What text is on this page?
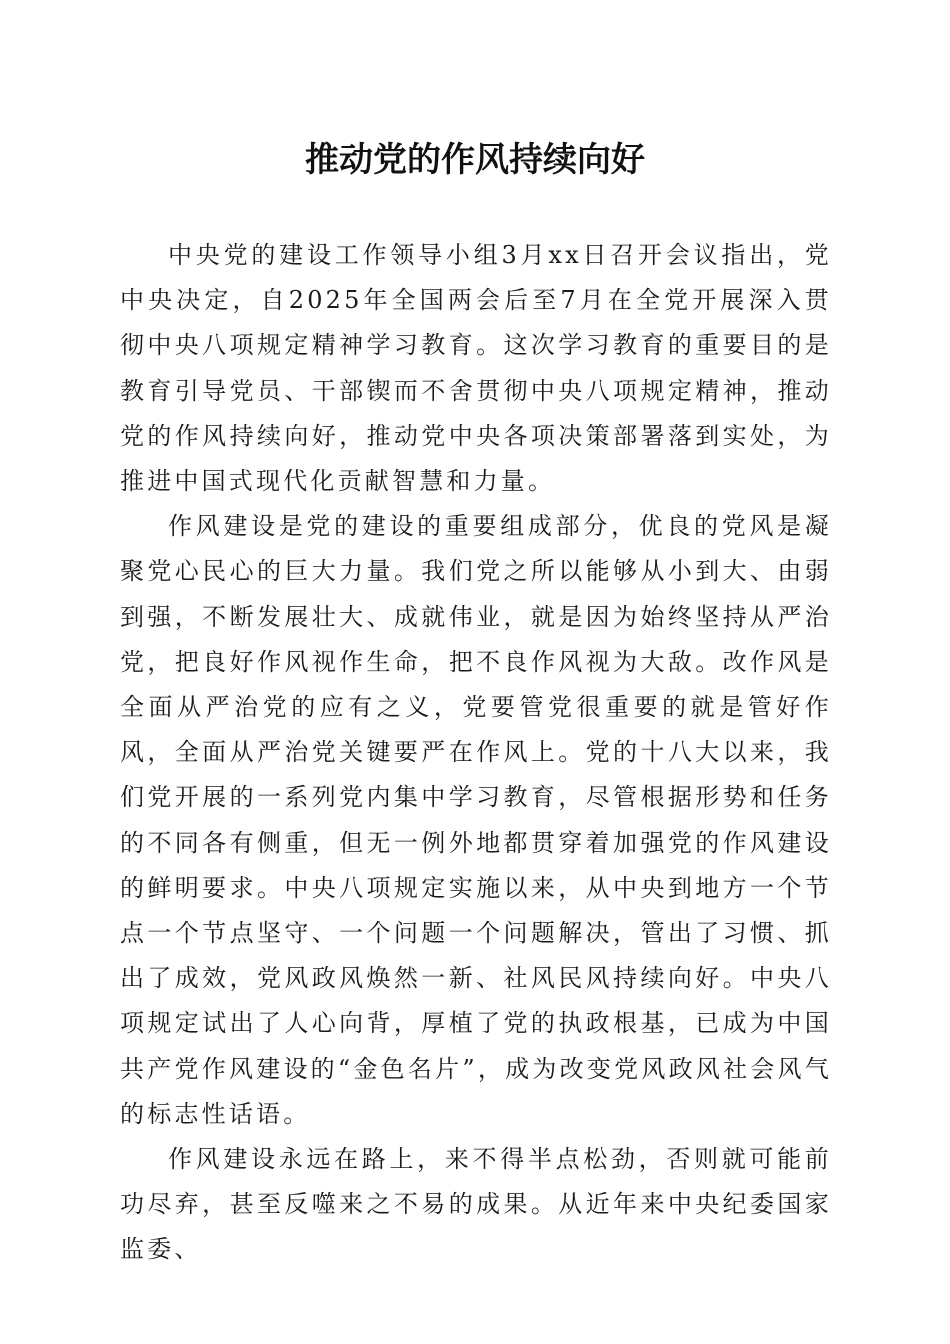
推动党的作风持续向好

中央党的建设工作领导小组3月xx日召开会议指出，党中央决定，自2025年全国两会后至7月在全党开展深入贯彻中央八项规定精神学习教育。这次学习教育的重要目的是教育引导党员、干部锲而不舍贯彻中央八项规定精神，推动党的作风持续向好，推动党中央各项决策部署落到实处，为推进中国式现代化贡献智慧和力量。

作风建设是党的建设的重要组成部分，优良的党风是凝聚党心民心的巨大力量。我们党之所以能够从小到大、由弱到强，不断发展壮大、成就伟业，就是因为始终坚持从严治党，把良好作风视作生命，把不良作风视为大敌。改作风是全面从严治党的应有之义，党要管党很重要的就是管好作风，全面从严治党关键要严在作风上。党的十八大以来，我们党开展的一系列党内集中学习教育，尽管根据形势和任务的不同各有侧重，但无一例外地都贯穿着加强党的作风建设的鲜明要求。中央八项规定实施以来，从中央到地方一个节点一个节点坚守、一个问题一个问题解决，管出了习惯、抓出了成效，党风政风焕然一新、社风民风持续向好。中央八项规定试出了人心向背，厚植了党的执政根基，已成为中国共产党作风建设的“金色名片”，成为改变党风政风社会风气的标志性话语。

作风建设永远在路上，来不得半点松劲，否则就可能前功尽弃，甚至反噬来之不易的成果。从近年来中央纪委国家监委、
